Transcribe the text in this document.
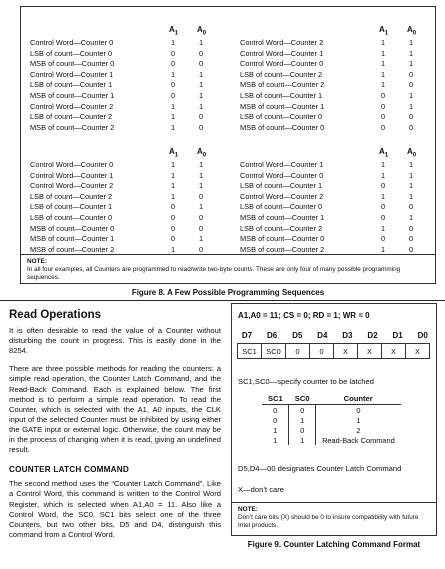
NOTE:
In all four examples, all Counters are programmed to read/write two-byte counts. These are only four of many possible programming sequences.
$A_1$ $A_0$
Control Word—Counter 0	1	1
LSB of count—Counter 0	0	0
MSB of count—Counter 0	0	0
Control Word—Counter 1	1	1
LSB of count—Counter 1	0	1
MSB of count—Counter 1	0	1
Control Word—Counter 2	1	1
LSB of count—Counter 2	1	0
MSB of count—Counter 2	1	0
$A_1$ $A_0$
Control Word—Counter 2	1	1
Control Word—Counter 1	1	1
Control Word—Counter 0	1	1
LSB of count—Counter 2	1	0
MSB of count—Counter 2	1	0
LSB of count—Counter 1	0	1
MSB of count—Counter 1	0	1
LSB of count—Counter 0	0	0
MSB of count—Counter 0	0	0
$A_1$ $A_0$
Control Word—Counter 0	1	1
Control Word—Counter 1	1	1
Control Word—Counter 2	1	1
LSB of count—Counter 2	1	0
LSB of count—Counter 1	0	1
LSB of count—Counter 0	0	0
MSB of count—Counter 0	0	0
MSB of count—Counter 1	0	1
MSB of count—Counter 2	1	0
$A_1$ $A_0$
Control Word—Counter 1	1	1
Control Word—Counter 0	1	1
LSB of count—Counter 1	0	1
Control Word—Counter 2	1	1
LSB of count—Counter 0	0	0
MSB of count—Counter 1	0	1
LSB of count—Counter 2	1	0
MSB of count—Counter 0	0	0
MSB of count—Counter 2	1	0
Figure 8. A Few Possible Programming Sequences
Read Operations

It is often desirable to read the value of a Counter without disturbing the count in progress. This is easily done in the 8254.

There are three possible methods for reading the counters: a simple read operation, the Counter Latch Command, and the Read-Back Command. Each is explained below. The first method is to perform a simple read operation. To read the Counter, which is selected with the A1, A0 inputs, the CLK input of the selected Counter must be inhibited by using either the GATE input or external logic. Otherwise, the count may be in the process of changing when it is read, giving an undefined result.

COUNTER LATCH COMMAND

The second method uses the “Counter Latch Command”. Like a Control Word, this command is written to the Control Word Register, which is selected when A1,A0 = 11. Also like a Control Word, the SC0, SC1 bits select one of the three Counters, but two other bits, D5 and D4, distinguish this command from a Control Word.

A1,A0 = 11; CS = 0; RD = 1; WR = 0
SC1	SC0	0	0	X	X	X	X
SC1,SC0—specify counter to be latched
SC1	SC0	Counter
0	0	0
0	1	1
1	0	2
1	1	Read-Back Command
D5,D4—00 designates Counter Latch Command
X—don’t care
NOTE:
Don’t care bits (X) should be 0 to insure compatibility with future Intel products.
D7	D6	D5	D4	D3	D2	D1	D0
Figure 9. Counter Latching Command Format
